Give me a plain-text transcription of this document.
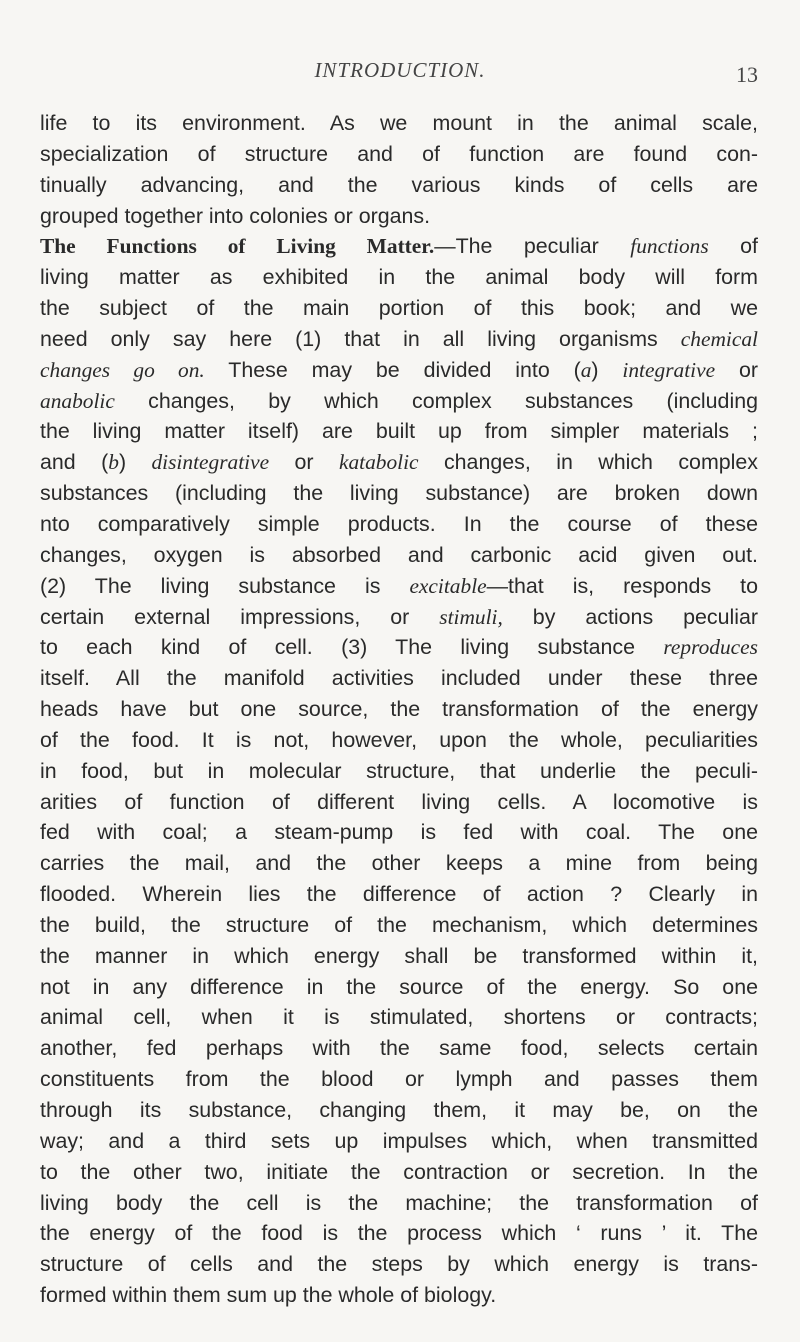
INTRODUCTION.	13
life to its environment. As we mount in the animal scale,
specialization of structure and of function are found con-
tinually advancing, and the various kinds of cells are
grouped together into colonies or organs.
The Functions of Living Matter.—The peculiar functions of
living matter as exhibited in the animal body will form
the subject of the main portion of this book; and we
need only say here (1) that in all living organisms chemical
changes go on. These may be divided into (a) integrative or
anabolic changes, by which complex substances (including
the living matter itself) are built up from simpler materials ;
and (b) disintegrative or katabolic changes, in which complex
substances (including the living substance) are broken down
nto comparatively simple products. In the course of these
changes, oxygen is absorbed and carbonic acid given out.
(2) The living substance is excitable—that is, responds to
certain external impressions, or stimuli, by actions peculiar
to each kind of cell. (3) The living substance reproduces
itself. All the manifold activities included under these three
heads have but one source, the transformation of the energy
of the food. It is not, however, upon the whole, peculiarities
in food, but in molecular structure, that underlie the peculi-
arities of function of different living cells. A locomotive is
fed with coal; a steam-pump is fed with coal. The one
carries the mail, and the other keeps a mine from being
flooded. Wherein lies the difference of action ? Clearly in
the build, the structure of the mechanism, which determines
the manner in which energy shall be transformed within it,
not in any difference in the source of the energy. So one
animal cell, when it is stimulated, shortens or contracts;
another, fed perhaps with the same food, selects certain
constituents from the blood or lymph and passes them
through its substance, changing them, it may be, on the
way; and a third sets up impulses which, when transmitted
to the other two, initiate the contraction or secretion. In the
living body the cell is the machine; the transformation of
the energy of the food is the process which ‘ runs ’ it. The
structure of cells and the steps by which energy is trans-
formed within them sum up the whole of biology.
